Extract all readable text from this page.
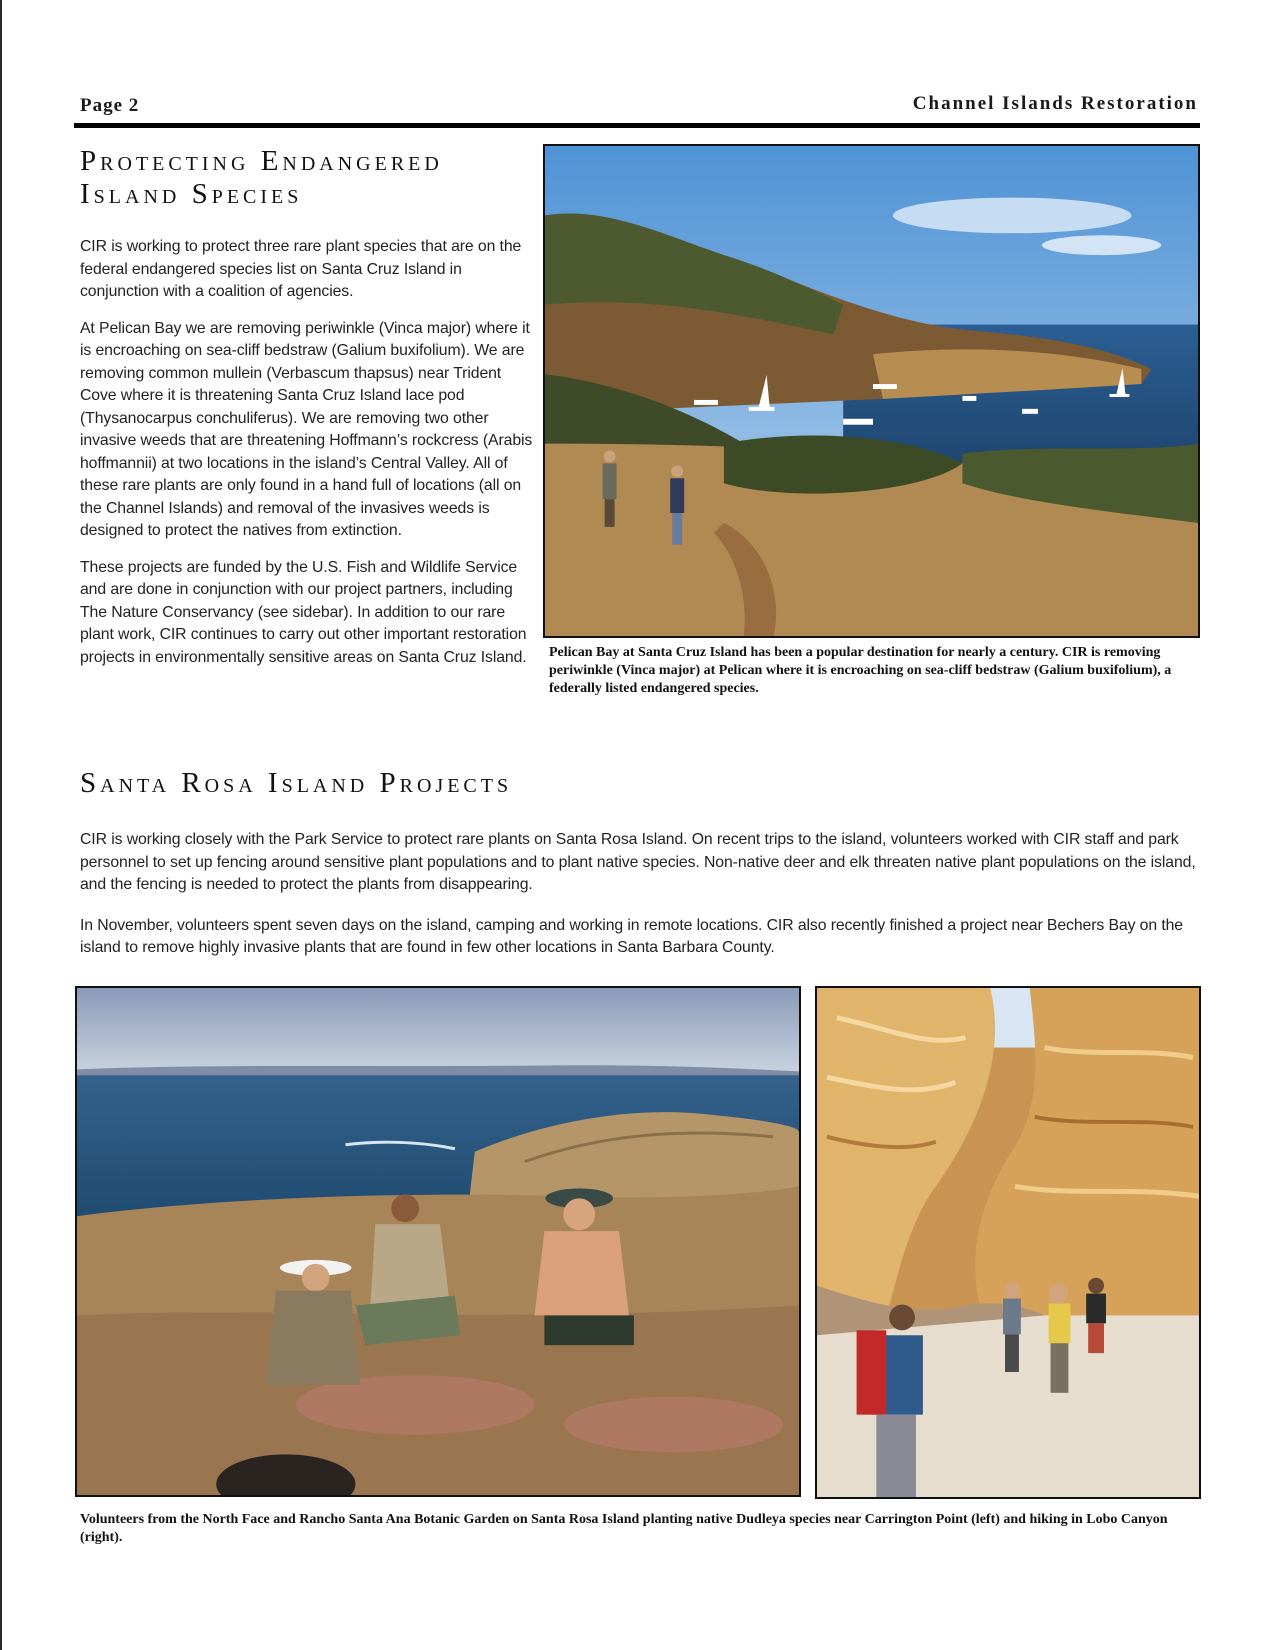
Page 2	Channel Islands Restoration
Protecting Endangered Island Species

CIR is working to protect three rare plant species that are on the federal endangered species list on Santa Cruz Island in conjunction with a coalition of agencies.

At Pelican Bay we are removing periwinkle (Vinca major) where it is encroaching on sea-cliff bedstraw (Galium buxifolium). We are removing common mullein (Verbascum thapsus) near Trident Cove where it is threatening Santa Cruz Island lace pod (Thysanocarpus conchuliferus). We are removing two other invasive weeds that are threatening Hoffmann’s rockcress (Arabis hoffmannii) at two locations in the island’s Central Valley. All of these rare plants are only found in a hand full of locations (all on the Channel Islands) and removal of the invasives weeds is designed to protect the natives from extinction.

These projects are funded by the U.S. Fish and Wildlife Service and are done in conjunction with our project partners, including The Nature Conservancy (see sidebar). In addition to our rare plant work, CIR continues to carry out other important restoration projects in environmentally sensitive areas on Santa Cruz Island.	Pelican Bay at Santa Cruz Island has been a popular destination for nearly a century. CIR is removing periwinkle (Vinca major) at Pelican where it is encroaching on sea-cliff bedstraw (Galium buxifolium), a federally listed endangered species.
Santa Rosa Island Projects

CIR is working closely with the Park Service to protect rare plants on Santa Rosa Island. On recent trips to the island, volunteers worked with CIR staff and park personnel to set up fencing around sensitive plant populations and to plant native species. Non-native deer and elk threaten native plant populations on the island, and the fencing is needed to protect the plants from disappearing.

In November, volunteers spent seven days on the island, camping and working in remote locations. CIR also recently finished a project near Bechers Bay on the island to remove highly invasive plants that are found in few other locations in Santa Barbara County.

Volunteers from the North Face and Rancho Santa Ana Botanic Garden on Santa Rosa Island planting native Dudleya species near Carrington Point (left) and hiking in Lobo Canyon (right).
